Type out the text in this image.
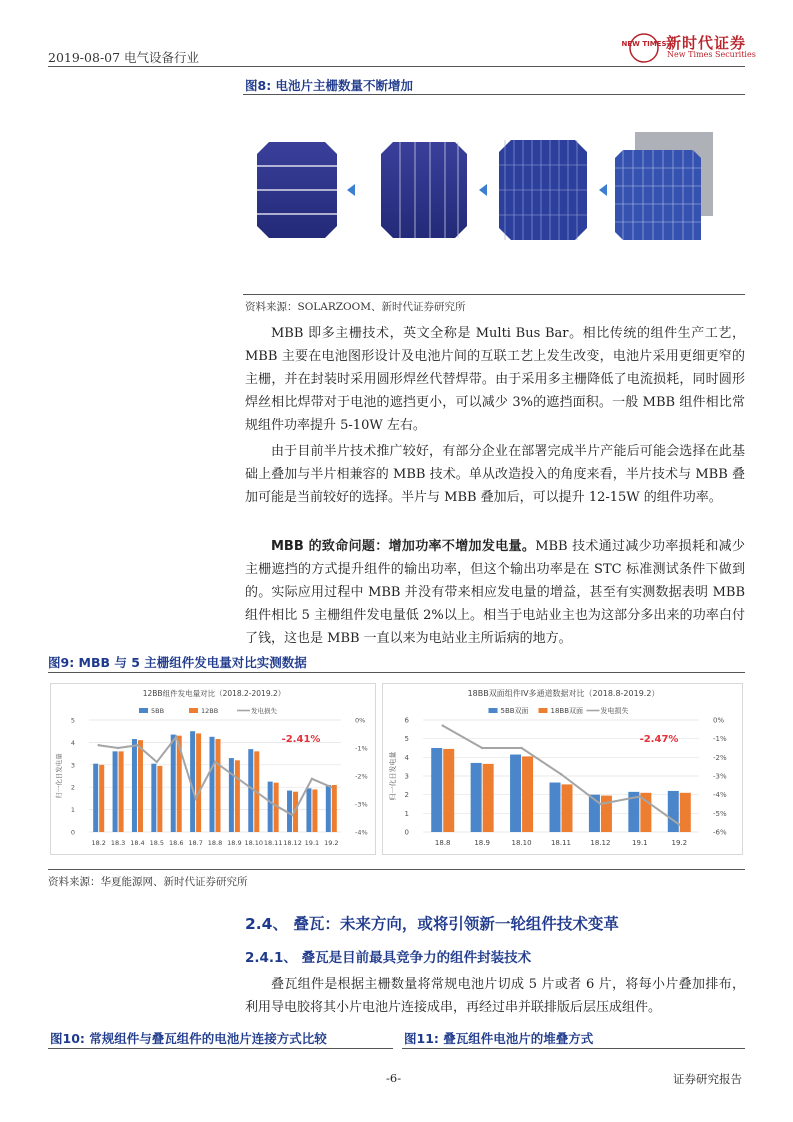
2019-08-07 电气设备行业
NEW TIMES 新时代证券
New Times Securities
图8: 电池片主栅数量不断增加
资料来源：SOLARZOOM、新时代证券研究所
MBB 即多主栅技术，英文全称是 Multi Bus Bar。相比传统的组件生产工艺，MBB 主要在电池图形设计及电池片间的互联工艺上发生改变，电池片采用更细更窄的主栅，并在封装时采用圆形焊丝代替焊带。由于采用多主栅降低了电流损耗，同时圆形焊丝相比焊带对于电池的遮挡更小，可以减少 3%的遮挡面积。一般 MBB 组件相比常规组件功率提升 5-10W 左右。
由于目前半片技术推广较好，有部分企业在部署完成半片产能后可能会选择在此基础上叠加与半片相兼容的 MBB 技术。单从改造投入的角度来看，半片技术与 MBB 叠加可能是当前较好的选择。半片与 MBB 叠加后，可以提升 12-15W 的组件功率。
MBB 的致命问题：增加功率不增加发电量。MBB 技术通过减少功率损耗和减少主栅遮挡的方式提升组件的输出功率，但这个输出功率是在 STC 标准测试条件下做到的。实际应用过程中 MBB 并没有带来相应发电量的增益，甚至有实测数据表明 MBB 组件相比 5 主栅组件发电量低 2%以上。相当于电站业主也为这部分多出来的功率白付了钱，这也是 MBB 一直以来为电站业主所诟病的地方。
图9: MBB 与 5 主栅组件发电量对比实测数据
12BB组件发电量对比（2018.2-2019.2）
5BB	12BB	发电损失
0
1
2
3
4
5	0%
-1%
-2%
-3%
-4%
归一化日发电量
18.2 18.3 18.4 18.5 18.6 18.7 18.8 18.9 18.10 18.11 18.12 19.1 19.2
-2.41%
18BB双面组件IV多通道数据对比（2018.8-2019.2）
5BB双面	18BB双面 发电损失
0
1
2
3
4
5
6	0%
-1%
-2%
-3%
-4%
-5%
-6%
归一化日发电量
18.8	18.9	18.10	18.11	18.12	19.1	19.2
-2.47%
资料来源：华夏能源网、新时代证券研究所
2.4、 叠瓦：未来方向，或将引领新一轮组件技术变革
2.4.1、 叠瓦是目前最具竞争力的组件封装技术
叠瓦组件是根据主栅数量将常规电池片切成 5 片或者 6 片，将每小片叠加排布，利用导电胶将其小片电池片连接成串，再经过串并联排版后层压成组件。
图10: 常规组件与叠瓦组件的电池片连接方式比较	图11: 叠瓦组件电池片的堆叠方式
-6-	证券研究报告
